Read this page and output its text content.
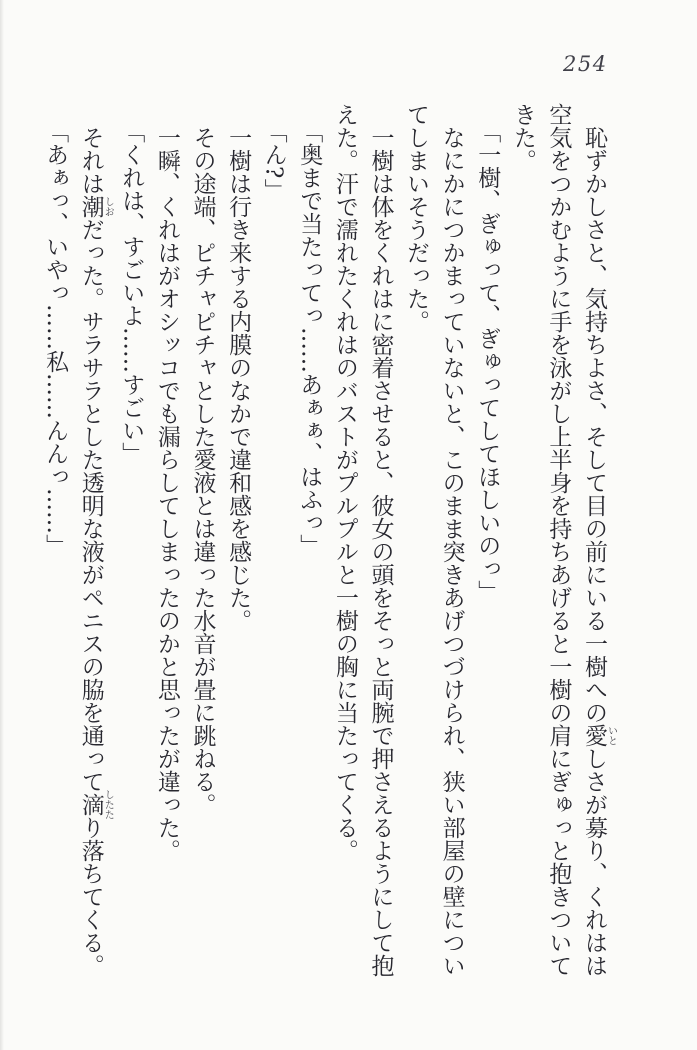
254

恥ずかしさと、気持ちよさ、そして目の前にいる一樹への愛いとしさが募り、くれはは空気をつかむように手を泳がし上半身を持ちあげると一樹の肩にぎゅっと抱きついてきた。

「一樹、ぎゅって、ぎゅってしてほしいのっ」

なにかにつかまっていないと、このまま突きあげつづけられ、狭い部屋の壁についてしまいそうだった。

一樹は体をくれはに密着させると、彼女の頭をそっと両腕で押さえるようにして抱えた。汗で濡れたくれはのバストがプルプルと一樹の胸に当たってくる。

「奥まで当たってっ……あぁぁ、はふっ」

「ん?」

一樹は行き来する内膜のなかで違和感を感じた。

その途端、ピチャピチャとした愛液とは違った水音が畳に跳ねる。

一瞬、くれはがオシッコでも漏らしてしまったのかと思ったが違った。

「くれは、すごいよ……すごい」

それは潮しおだった。サラサラとした透明な液がペニスの脇を通って滴したたり落ちてくる。

「あぁっ、いやっ……私……んんっ……」
